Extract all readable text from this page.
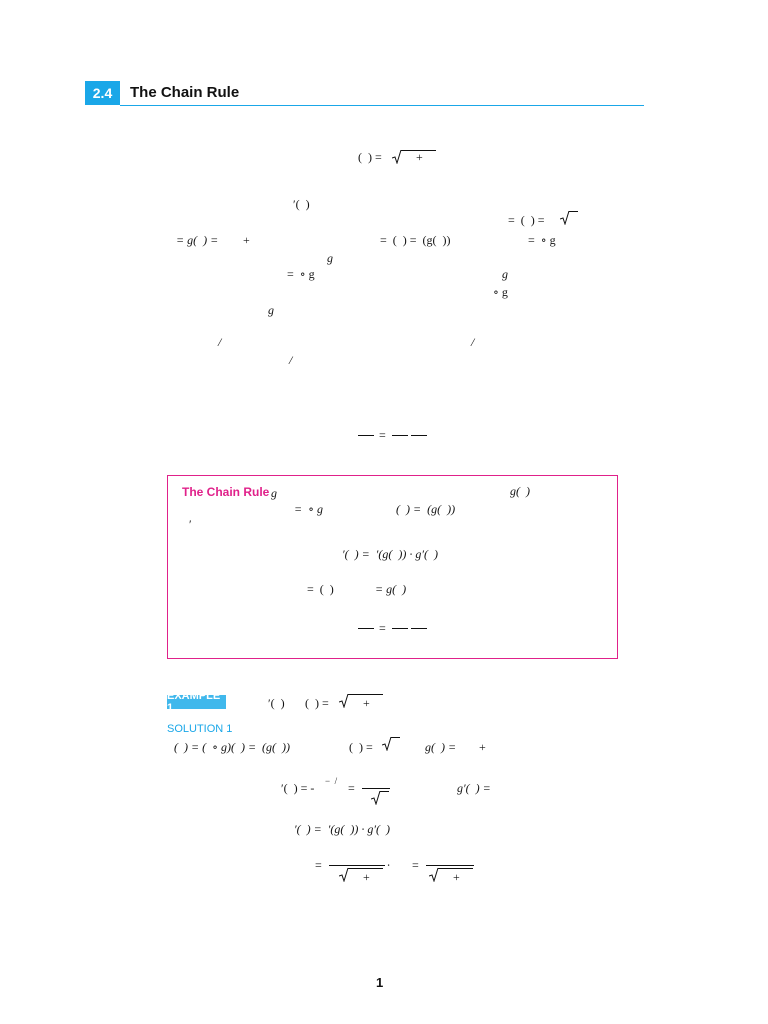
2.4	The Chain Rule
(  ) =	+
′(  )
=  (  ) =
= g(  ) = +	=  (  ) =  (g(  ))	=  ∘ g
g
=  ∘ g	g
∘ g
g
/	/
/
=
The Chain Rule g	g(  )
=  ∘ g	(  ) =  (g(  ))
′
′(  ) =  ′(g(  )) ∙ g′(  )
=  (  )	= g(  )
=
EXAMPLE 1	′(  ) (  ) =	+
SOLUTION 1
(  ) = (  ∘ g)(  ) =  (g(  ))	(  ) =	g(  ) = +
′(  ) = - −  / =	g′(  ) =
′(  ) =  ′(g(  )) ∙ g′(  )
=
+
∙ =
+
1
